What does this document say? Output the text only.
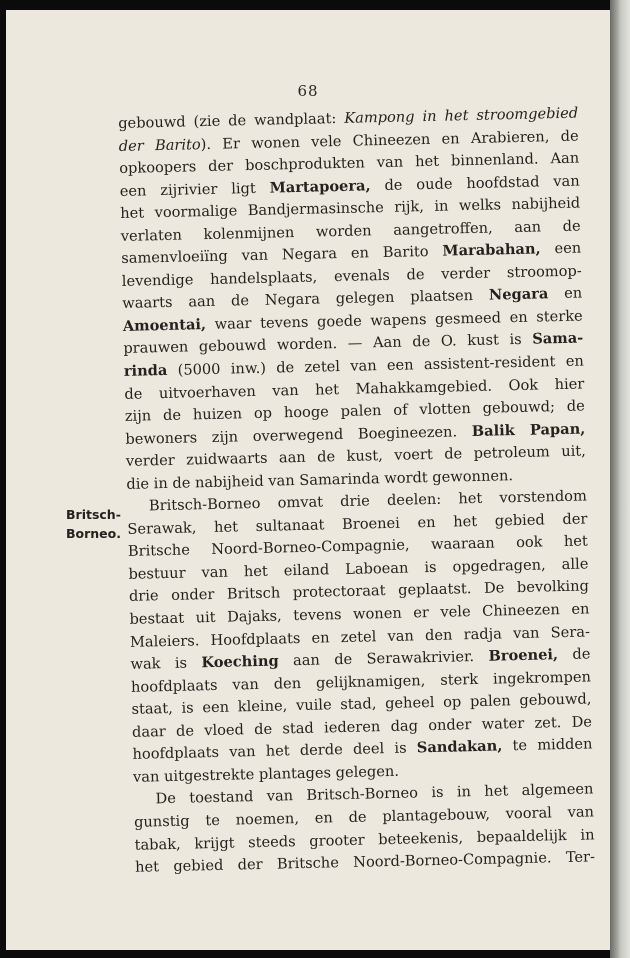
68
Britsch-
Borneo.
gebouwd (zie de wandplaat: Kampong in het stroomgebied
der Barito). Er wonen vele Chineezen en Arabieren, de
opkoopers der boschprodukten van het binnenland. Aan
een zijrivier ligt Martapoera, de oude hoofdstad van
het voormalige Bandjermasinsche rijk, in welks nabijheid
verlaten kolenmijnen worden aangetroffen, aan de
samenvloeiïng van Negara en Barito Marabahan, een
levendige handelsplaats, evenals de verder stroomop-
waarts aan de Negara gelegen plaatsen Negara en
Amoentai, waar tevens goede wapens gesmeed en sterke
prauwen gebouwd worden. — Aan de O. kust is Sama-
rinda (5000 inw.) de zetel van een assistent-resident en
de uitvoerhaven van het Mahakkamgebied. Ook hier
zijn de huizen op hooge palen of vlotten gebouwd; de
bewoners zijn overwegend Boegineezen. Balik Papan,
verder zuidwaarts aan de kust, voert de petroleum uit,
die in de nabijheid van Samarinda wordt gewonnen.
Britsch-Borneo omvat drie deelen: het vorstendom
Serawak, het sultanaat Broenei en het gebied der
Britsche Noord-Borneo-Compagnie, waaraan ook het
bestuur van het eiland Laboean is opgedragen, alle
drie onder Britsch protectoraat geplaatst. De bevolking
bestaat uit Dajaks, tevens wonen er vele Chineezen en
Maleiers. Hoofdplaats en zetel van den radja van Sera-
wak is Koeching aan de Serawakrivier. Broenei, de
hoofdplaats van den gelijknamigen, sterk ingekrompen
staat, is een kleine, vuile stad, geheel op palen gebouwd,
daar de vloed de stad iederen dag onder water zet. De
hoofdplaats van het derde deel is Sandakan, te midden
van uitgestrekte plantages gelegen.
De toestand van Britsch-Borneo is in het algemeen
gunstig te noemen, en de plantagebouw, vooral van
tabak, krijgt steeds grooter beteekenis, bepaaldelijk in
het gebied der Britsche Noord-Borneo-Compagnie. Ter-
